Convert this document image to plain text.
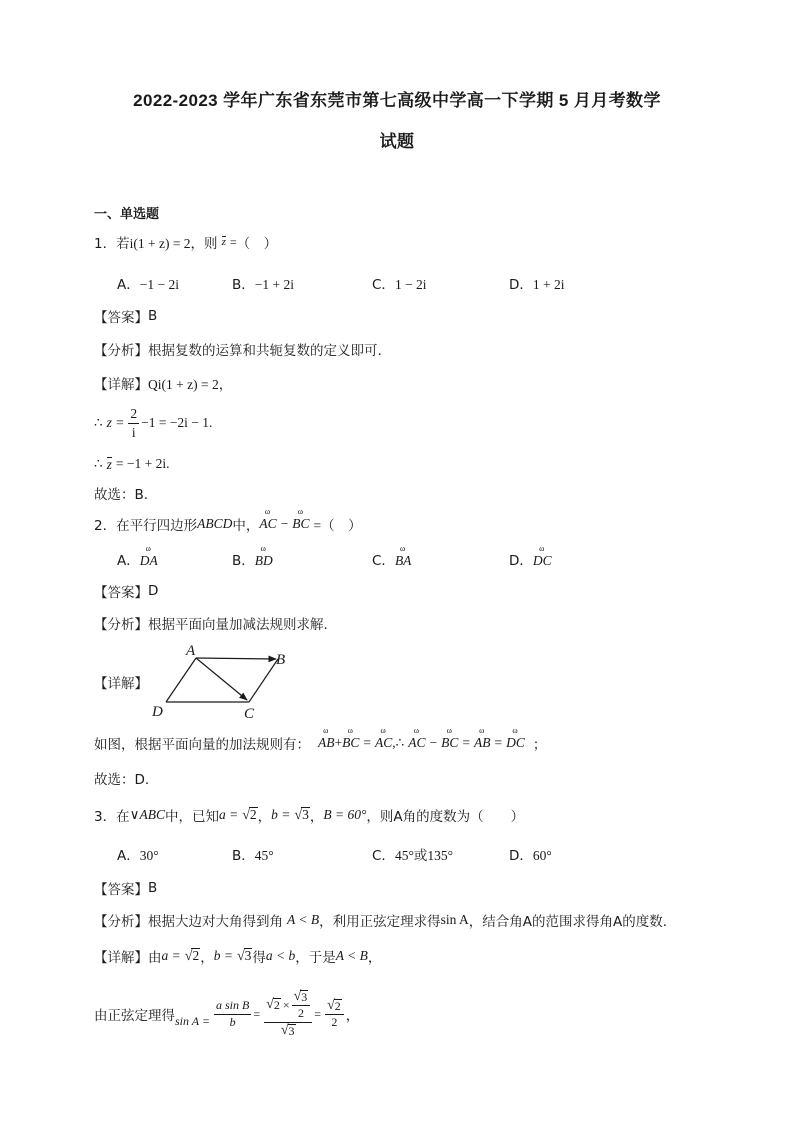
2022-2023 学年广东省东莞市第七高级中学高一下学期 5 月月考数学
试题
一、单选题
1． 若i(1 + z) = 2，则 z = （　）
A．−1 − 2i	B．−1 + 2i	C．1 − 2i	D．1 + 2i
【答案】 B
【分析】 根据复数的运算和共轭复数的定义即可.
【详解】 Qi(1 + z) = 2，
∴ $z = \frac{2}{i} -1 = -2i - 1$.
∴ z = −1 + 2i .
故选：B.
2． 在平行四边形 ABCD 中， AC ω − BC ω =（　）
A．DA ω	B．BD ω	C．BA ω	D．DC ω
【答案】 D
【分析】 根据平面向量加减法规则求解.
【详解】
A
B
C
D
如图，根据平面向量的加法规则有： AB ω + BC ω = AC ω ,∴ AC ω − BC ω = AB ω = DC ω ；
故选：D.
3． 在 ∨ABC 中，已知 a = √ 2 ， b = √ 3 ， B = 60° ，则A角的度数为（　　）
A．30°	B．45°	C．45°或135°	D．60°
【答案】 B
【分析】 根据大边对大角得到角 A < B ，利用正弦定理求得 sin A ，结合角A的范围求得角A的度数.
【详解】 由 a = √ 2 ， b = √ 3 得 a < b ，于是 A < B ，
由正弦定理得 $\sin A = \frac{\text{a sin B}}{b} = \frac{√ 2 \times \frac{√ 3}{2}}{√ 3} = \frac{√ 2}{2}$ ，
